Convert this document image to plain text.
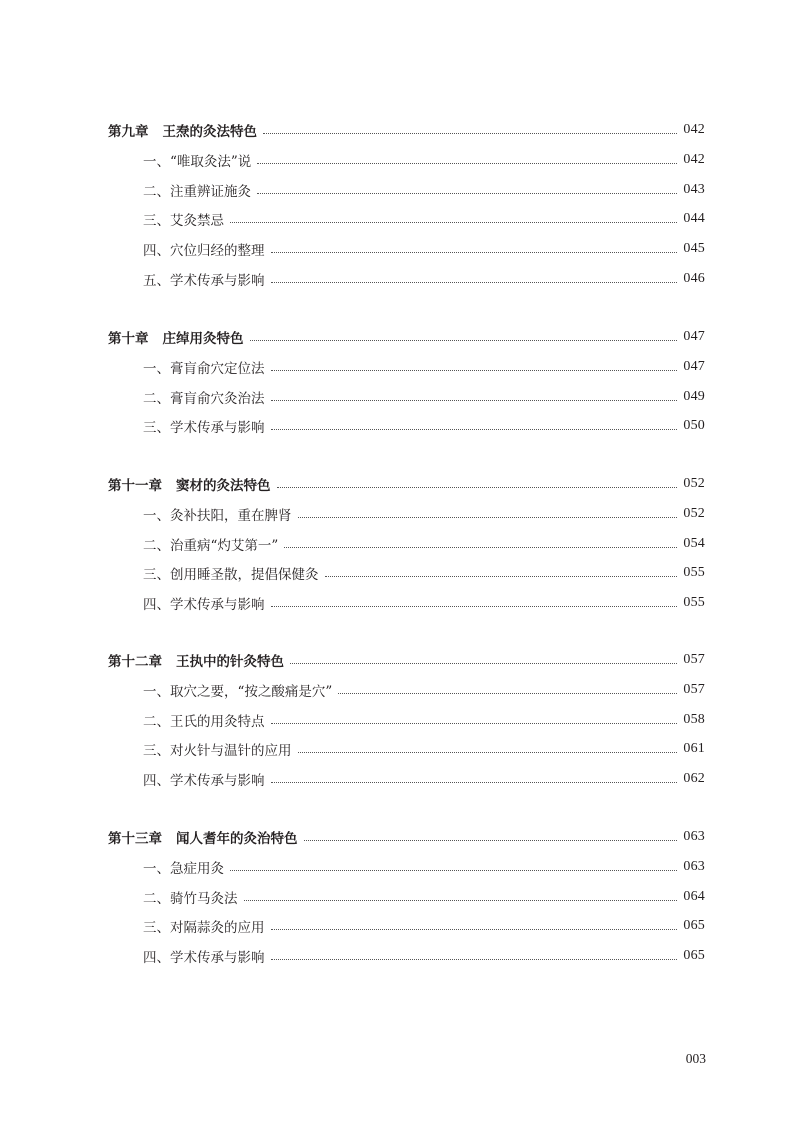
第九章 王焘的灸法特色	042
一、“唯取灸法”说	042
二、注重辨证施灸	043
三、艾灸禁忌	044
四、穴位归经的整理	045
五、学术传承与影响	046
第十章 庄绰用灸特色	047
一、膏肓俞穴定位法	047
二、膏肓俞穴灸治法	049
三、学术传承与影响	050
第十一章 窦材的灸法特色	052
一、灸补扶阳，重在脾肾	052
二、治重病“灼艾第一”	054
三、创用睡圣散，提倡保健灸	055
四、学术传承与影响	055
第十二章 王执中的针灸特色	057
一、取穴之要，“按之酸痛是穴”	057
二、王氏的用灸特点	058
三、对火针与温针的应用	061
四、学术传承与影响	062
第十三章 闻人耆年的灸治特色	063
一、急症用灸	063
二、骑竹马灸法	064
三、对隔蒜灸的应用	065
四、学术传承与影响	065
003
